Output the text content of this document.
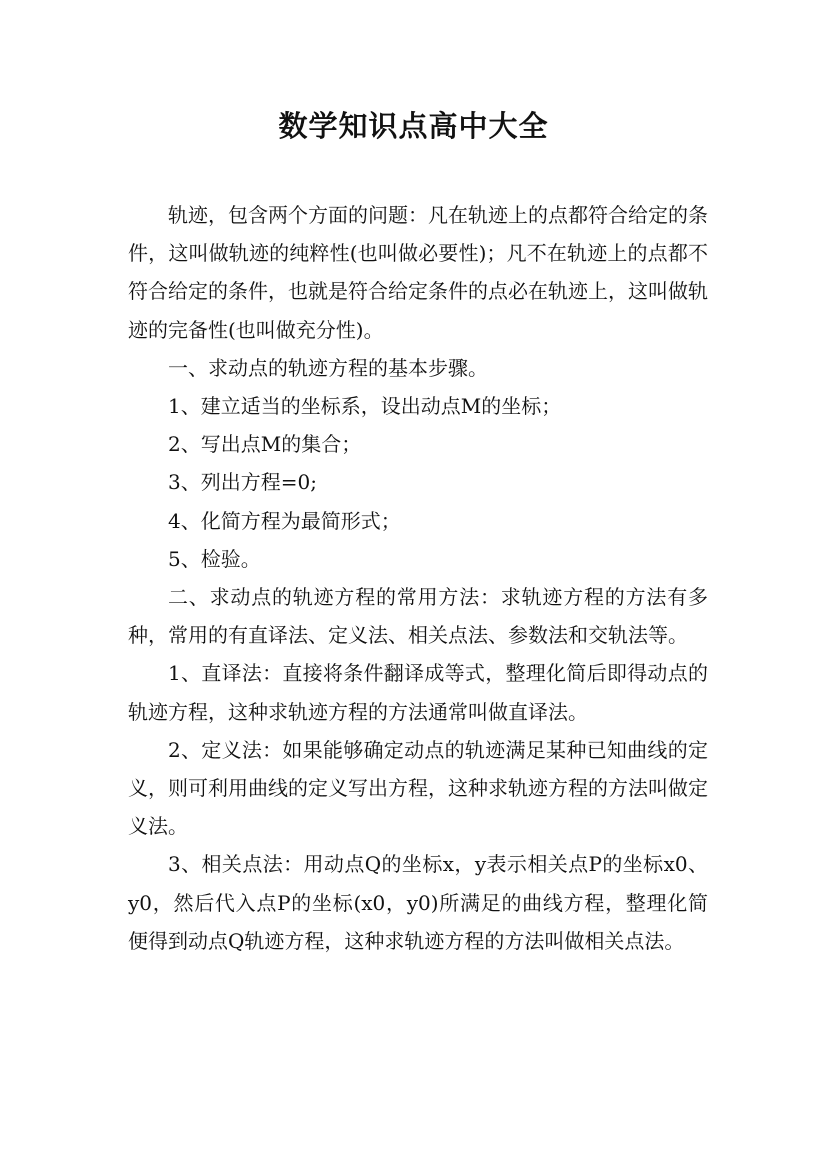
数学知识点高中大全

轨迹，包含两个方面的问题：凡在轨迹上的点都符合给定的条件，这叫做轨迹的纯粹性(也叫做必要性)；凡不在轨迹上的点都不符合给定的条件，也就是符合给定条件的点必在轨迹上，这叫做轨迹的完备性(也叫做充分性)。

一、求动点的轨迹方程的基本步骤。

1、建立适当的坐标系，设出动点M的坐标；

2、写出点M的集合；

3、列出方程=0;

4、化简方程为最简形式；

5、检验。

二、求动点的轨迹方程的常用方法：求轨迹方程的方法有多种，常用的有直译法、定义法、相关点法、参数法和交轨法等。

1、直译法：直接将条件翻译成等式，整理化简后即得动点的轨迹方程，这种求轨迹方程的方法通常叫做直译法。

2、定义法：如果能够确定动点的轨迹满足某种已知曲线的定义，则可利用曲线的定义写出方程，这种求轨迹方程的方法叫做定义法。

3、相关点法：用动点Q的坐标x，y表示相关点P的坐标x0、y0，然后代入点P的坐标(x0，y0)所满足的曲线方程，整理化简便得到动点Q轨迹方程，这种求轨迹方程的方法叫做相关点法。
